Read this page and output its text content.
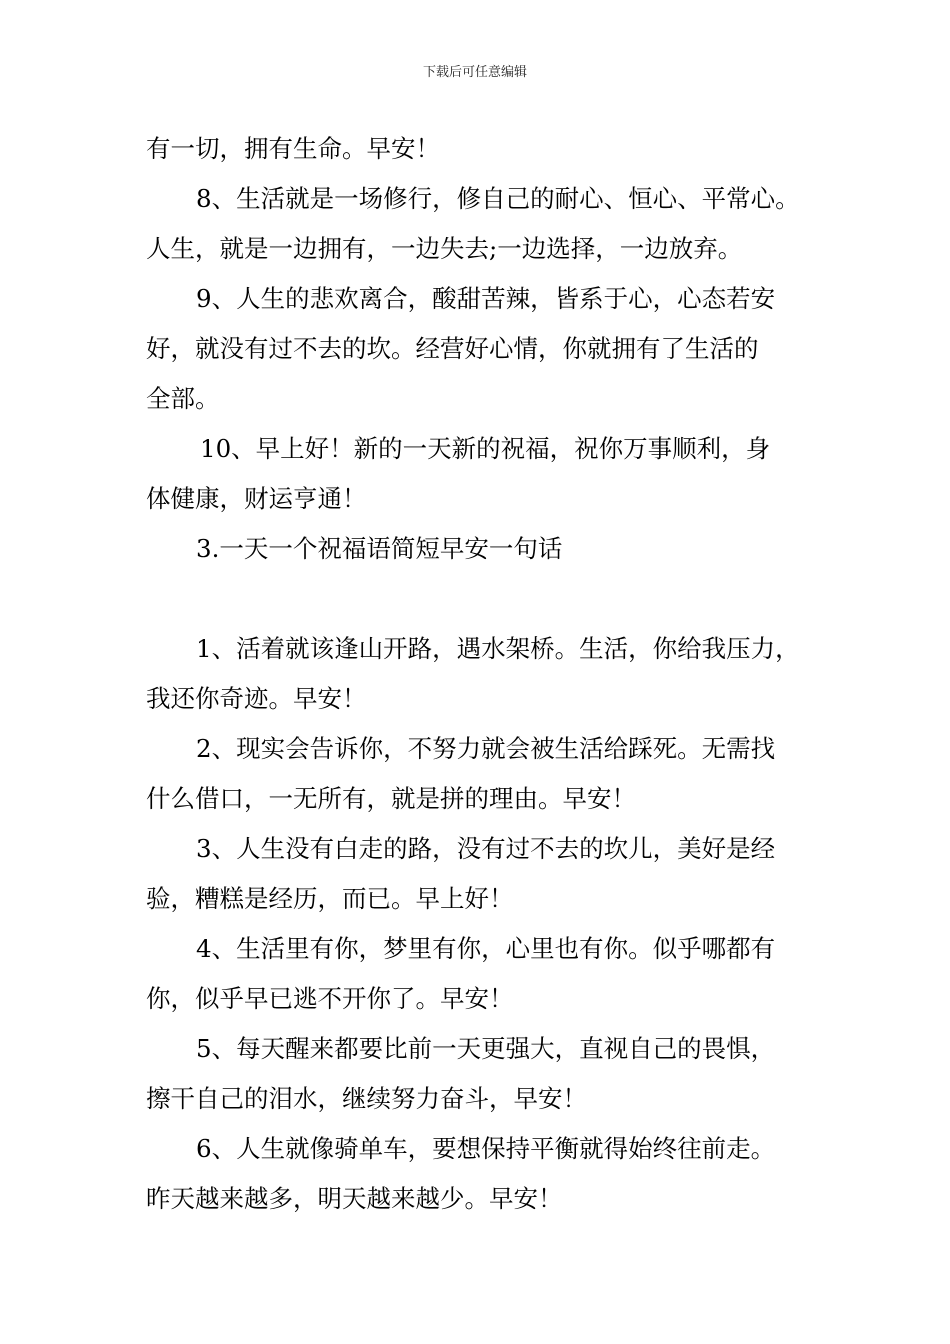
下载后可任意编辑
有一切，拥有生命。早安！
8、生活就是一场修行，修自己的耐心、恒心、平常心。
人生，就是一边拥有，一边失去;一边选择，一边放弃。
9、人生的悲欢离合，酸甜苦辣，皆系于心，心态若安
好，就没有过不去的坎。经营好心情，你就拥有了生活的
全部。
10、早上好！新的一天新的祝福，祝你万事顺利，身
体健康，财运亨通！
3.一天一个祝福语简短早安一句话
1、活着就该逢山开路，遇水架桥。生活，你给我压力，
我还你奇迹。早安！
2、现实会告诉你，不努力就会被生活给踩死。无需找
什么借口，一无所有，就是拼的理由。早安！
3、人生没有白走的路，没有过不去的坎儿，美好是经
验，糟糕是经历，而已。早上好！
4、生活里有你，梦里有你，心里也有你。似乎哪都有
你，似乎早已逃不开你了。早安！
5、每天醒来都要比前一天更强大，直视自己的畏惧，
擦干自己的泪水，继续努力奋斗，早安！
6、人生就像骑单车，要想保持平衡就得始终往前走。
昨天越来越多，明天越来越少。早安！
